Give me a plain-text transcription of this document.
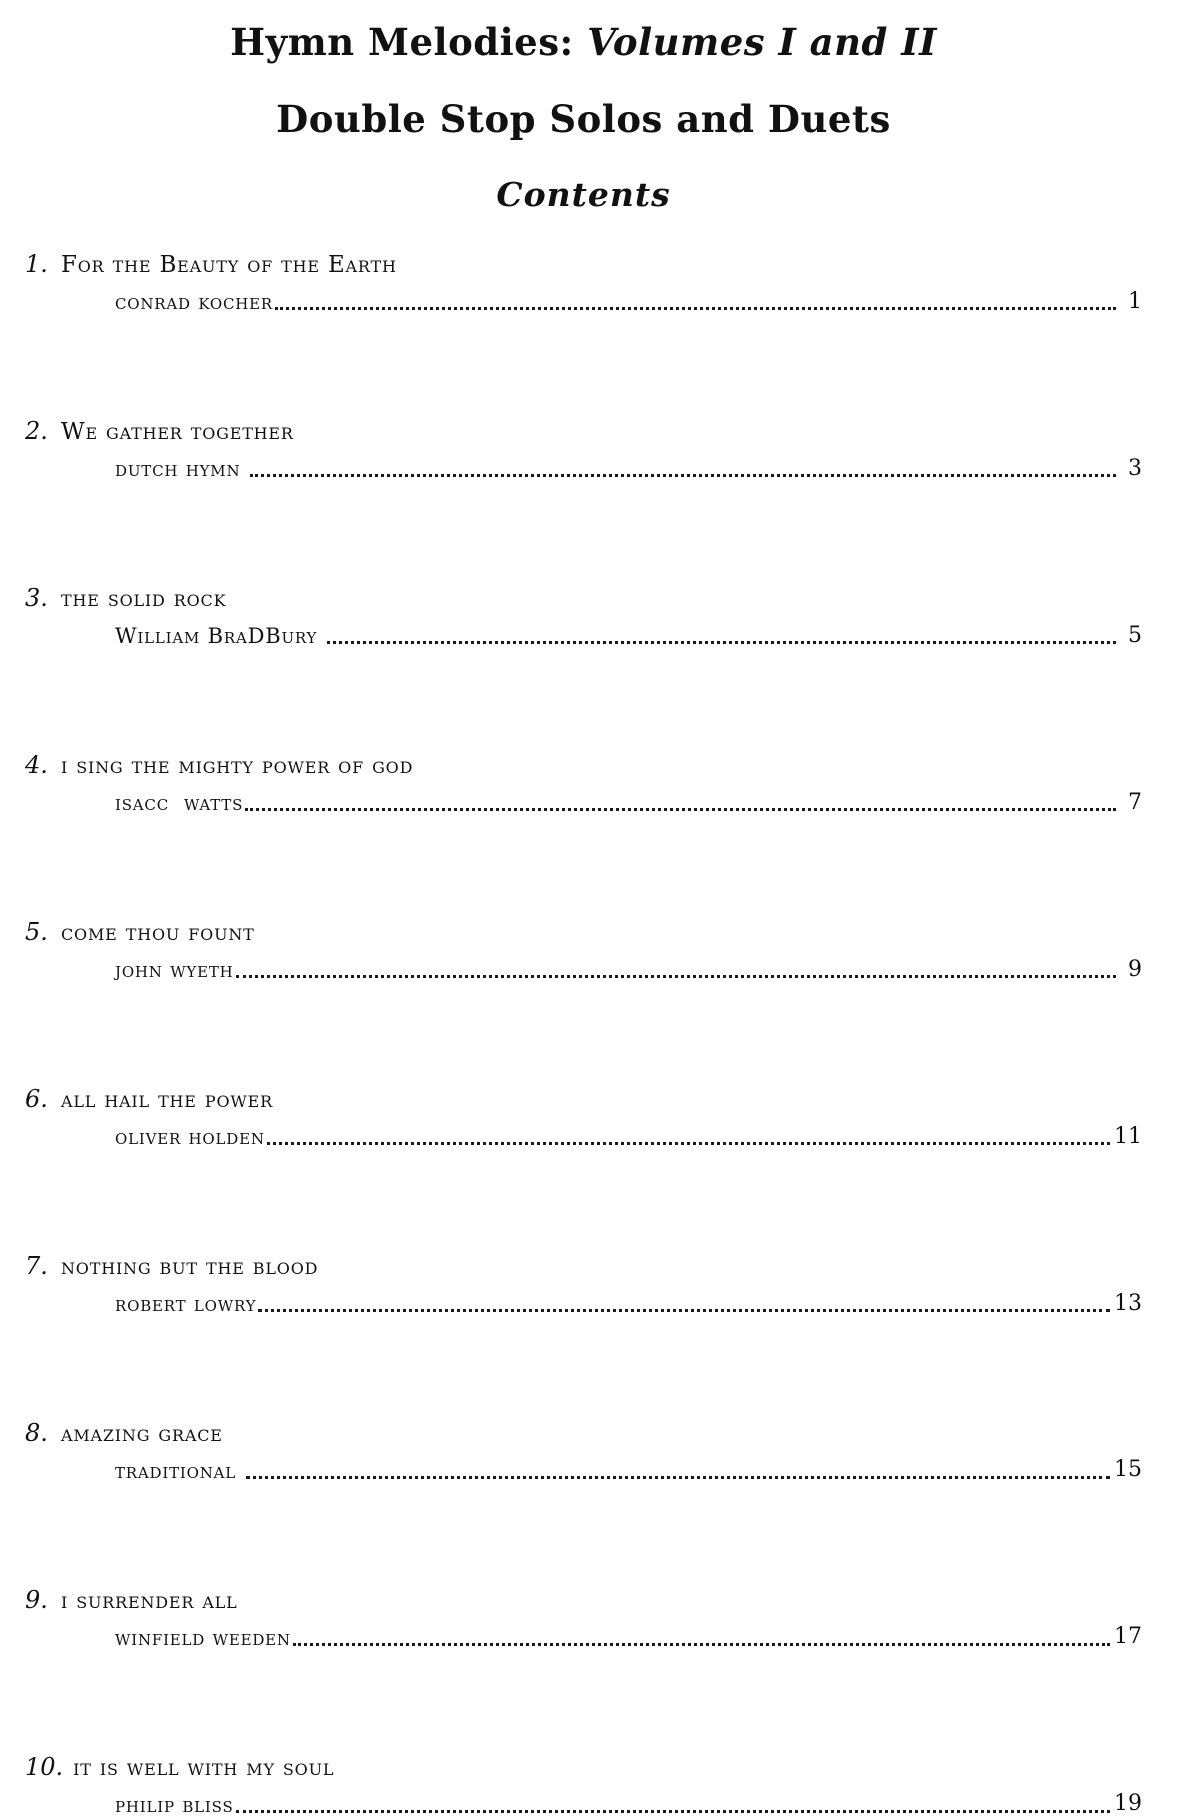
Hymn Melodies: Volumes I and II
Double Stop Solos and Duets
Contents
1. For the Beauty of the Earth
conrad kocher	1
2. We gather together
dutch hymn	3
3. the solid rock
William BraDBury	5
4. i sing the mighty power of god
isacc  watts	7
5. come thou fount
john wyeth	9
6. all hail the power
oliver holden	11
7. nothing but the blood
robert lowry	13
8. amazing grace
traditional	15
9. i surrender all
winfield weeden	17
10. it is well with my soul
philip bliss	19
